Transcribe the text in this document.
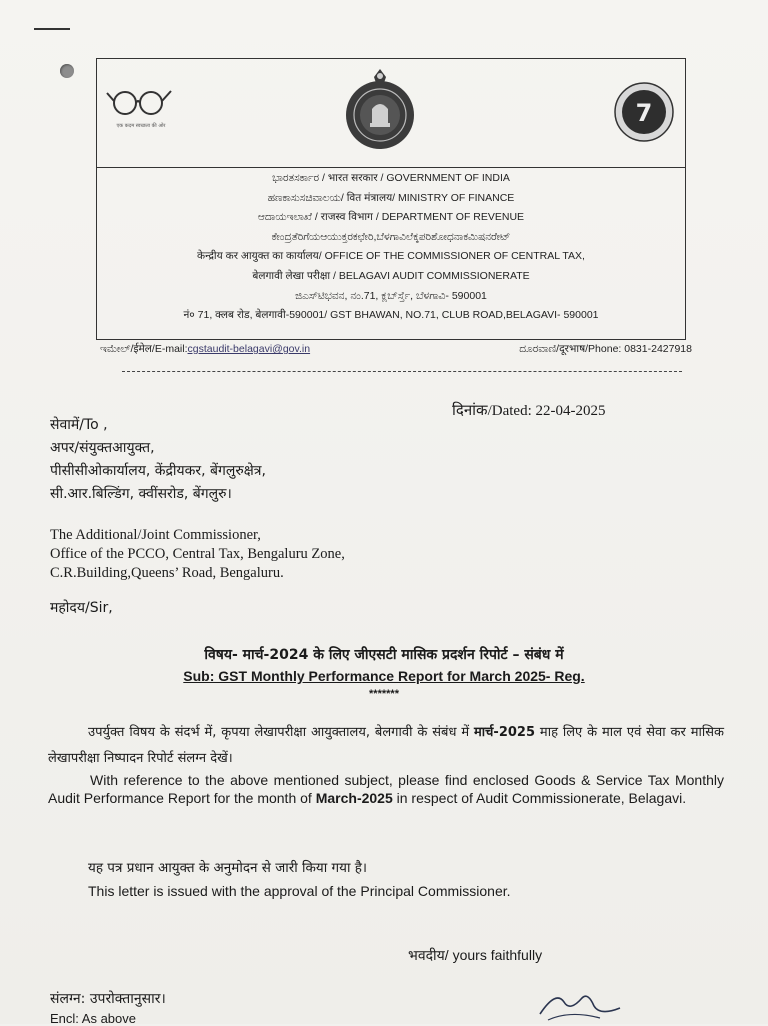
एक कदम स्वच्छता की ओर	7
ಭಾರತಸರ್ಕಾರ / भारत सरकार / GOVERNMENT OF INDIA
ಹಣಕಾಸುಸಚಿವಾಲಯ/ वित मंत्रालय/ MINISTRY OF FINANCE
ಆದಾಯಇಲಾಖೆ / राजस्व विभाग / DEPARTMENT OF REVENUE
ಕೇಂದ್ರತೆರಿಗೆಯಆಯುಕ್ತರಕಛೇರಿ,ಬೆಳಗಾವಿಲೆಕ್ಕಪರಿಶೋಧನಾಕಮಿಷನರೇಟ್
केन्द्रीय कर आयुक्त का कार्यालय/ OFFICE OF THE COMMISSIONER OF CENTRAL TAX,
बेलगावी लेखा परीक्षा / BELAGAVI AUDIT COMMISSIONERATE
ಜಿಎಸ್‌ಟಿಭವನ, ನಂ.71, ಕ್ಲಬ್‌ರ್ಸ್ತೆ, ಬೆಳಗಾವಿ- 590001
नं० 71, क्लब रोड, बेलगावी-590001/ GST BHAWAN, NO.71, CLUB ROAD,BELAGAVI- 590001
ಇಮೇಲ್/ईमेल/E-mail:cgstaudit-belagavi@gov.in	ದೂರವಾಣಿ/दूरभाष/Phone: 0831-2427918
दिनांक/Dated: 22-04-2025
सेवामें/To ,
अपर/संयुक्तआयुक्त,
पीसीसीओकार्यालय, केंद्रीयकर, बेंगलुरुक्षेत्र,
सी.आर.बिल्डिंग, क्वींसरोड, बेंगलुरु।
The Additional/Joint Commissioner,
Office of the PCCO, Central Tax, Bengaluru Zone,
C.R.Building,Queens’ Road, Bengaluru.
महोदय/Sir,
विषय- मार्च-2024 के लिए जीएसटी मासिक प्रदर्शन रिपोर्ट – संबंध में
Sub: GST Monthly Performance Report for March 2025- Reg.
*******
उपर्युक्त विषय के संदर्भ में, कृपया लेखापरीक्षा आयुक्तालय, बेलगावी के संबंध में मार्च-2025 माह लिए के माल एवं सेवा कर मासिक लेखापरीक्षा निष्पादन रिपोर्ट संलग्न देखें।
With reference to the above mentioned subject, please find enclosed Goods & Service Tax Monthly Audit Performance Report for the month of March-2025 in respect of Audit Commissionerate, Belagavi.
यह पत्र प्रधान आयुक्त के अनुमोदन से जारी किया गया है।
This letter is issued with the approval of the Principal Commissioner.
भवदीय/ yours faithfully
संलग्न: उपरोक्तानुसार।
Encl: As above
